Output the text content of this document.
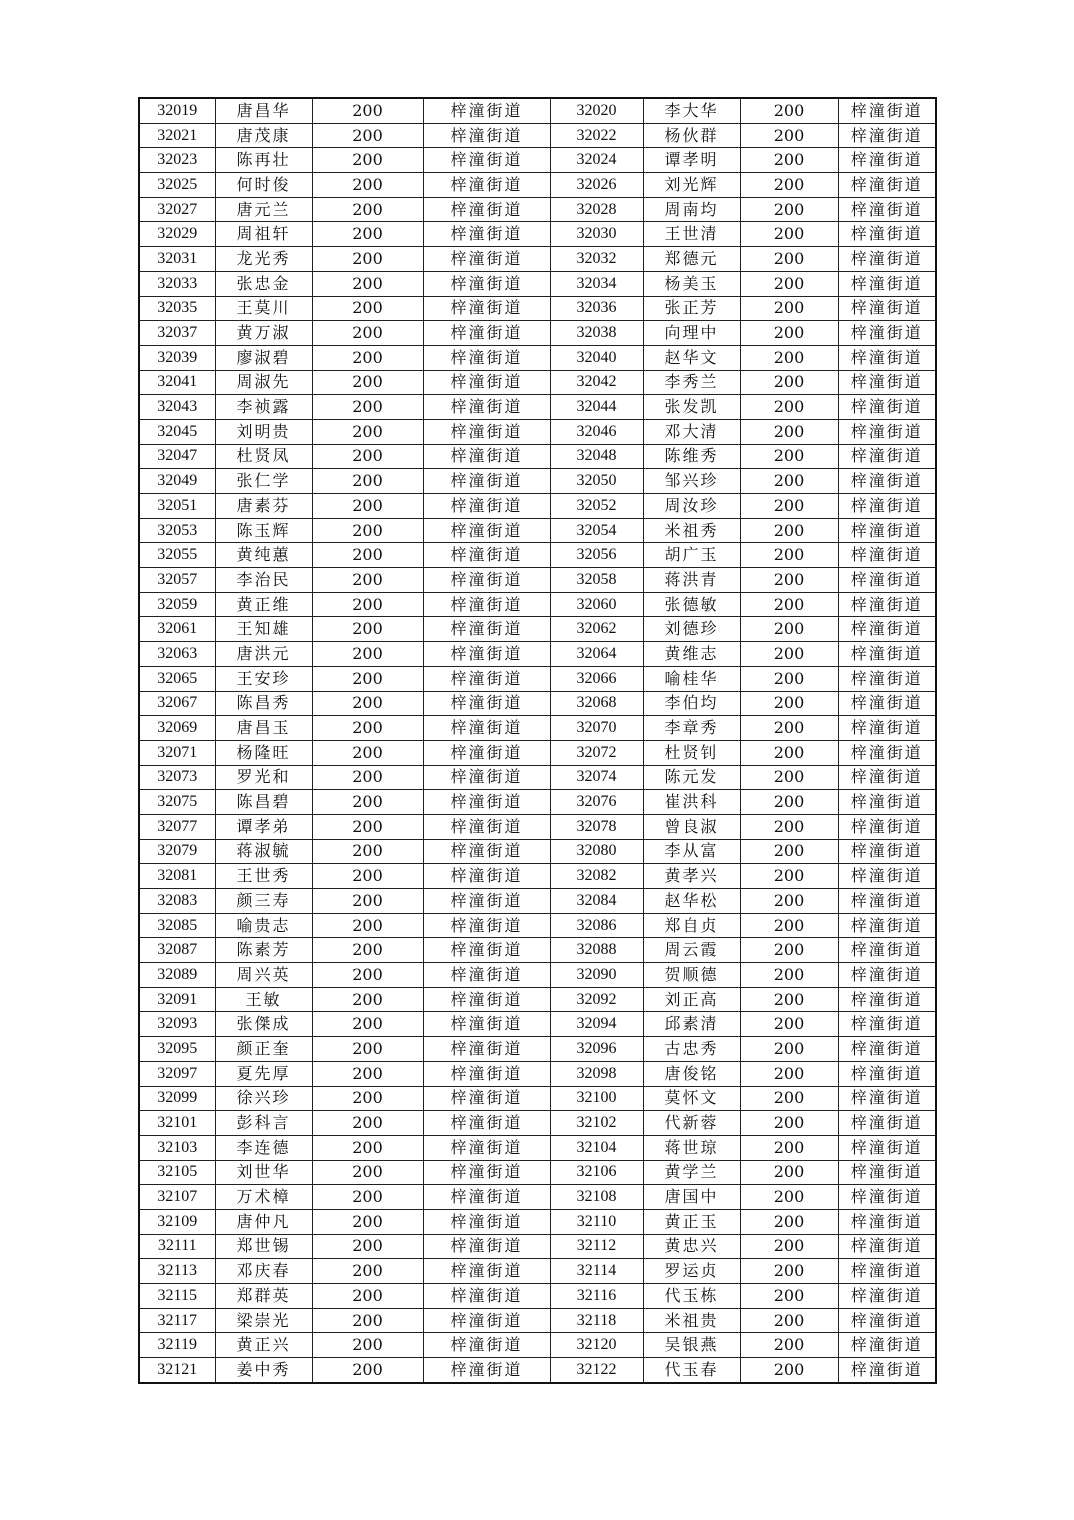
32019	唐昌华	200	梓潼街道	32020	李大华	200	梓潼街道
32021	唐茂康	200	梓潼街道	32022	杨伙群	200	梓潼街道
32023	陈再壮	200	梓潼街道	32024	谭孝明	200	梓潼街道
32025	何时俊	200	梓潼街道	32026	刘光辉	200	梓潼街道
32027	唐元兰	200	梓潼街道	32028	周南均	200	梓潼街道
32029	周祖轩	200	梓潼街道	32030	王世清	200	梓潼街道
32031	龙光秀	200	梓潼街道	32032	郑德元	200	梓潼街道
32033	张忠金	200	梓潼街道	32034	杨美玉	200	梓潼街道
32035	王莫川	200	梓潼街道	32036	张正芳	200	梓潼街道
32037	黄万淑	200	梓潼街道	32038	向理中	200	梓潼街道
32039	廖淑碧	200	梓潼街道	32040	赵华文	200	梓潼街道
32041	周淑先	200	梓潼街道	32042	李秀兰	200	梓潼街道
32043	李祯露	200	梓潼街道	32044	张发凯	200	梓潼街道
32045	刘明贵	200	梓潼街道	32046	邓大清	200	梓潼街道
32047	杜贤凤	200	梓潼街道	32048	陈维秀	200	梓潼街道
32049	张仁学	200	梓潼街道	32050	邹兴珍	200	梓潼街道
32051	唐素芬	200	梓潼街道	32052	周汝珍	200	梓潼街道
32053	陈玉辉	200	梓潼街道	32054	米祖秀	200	梓潼街道
32055	黄纯蕙	200	梓潼街道	32056	胡广玉	200	梓潼街道
32057	李治民	200	梓潼街道	32058	蒋洪青	200	梓潼街道
32059	黄正维	200	梓潼街道	32060	张德敏	200	梓潼街道
32061	王知雄	200	梓潼街道	32062	刘德珍	200	梓潼街道
32063	唐洪元	200	梓潼街道	32064	黄维志	200	梓潼街道
32065	王安珍	200	梓潼街道	32066	喻桂华	200	梓潼街道
32067	陈昌秀	200	梓潼街道	32068	李伯均	200	梓潼街道
32069	唐昌玉	200	梓潼街道	32070	李章秀	200	梓潼街道
32071	杨隆旺	200	梓潼街道	32072	杜贤钊	200	梓潼街道
32073	罗光和	200	梓潼街道	32074	陈元发	200	梓潼街道
32075	陈昌碧	200	梓潼街道	32076	崔洪科	200	梓潼街道
32077	谭孝弟	200	梓潼街道	32078	曾良淑	200	梓潼街道
32079	蒋淑毓	200	梓潼街道	32080	李从富	200	梓潼街道
32081	王世秀	200	梓潼街道	32082	黄孝兴	200	梓潼街道
32083	颜三寿	200	梓潼街道	32084	赵华松	200	梓潼街道
32085	喻贵志	200	梓潼街道	32086	郑自贞	200	梓潼街道
32087	陈素芳	200	梓潼街道	32088	周云霞	200	梓潼街道
32089	周兴英	200	梓潼街道	32090	贺顺德	200	梓潼街道
32091	王敏	200	梓潼街道	32092	刘正高	200	梓潼街道
32093	张傑成	200	梓潼街道	32094	邱素清	200	梓潼街道
32095	颜正奎	200	梓潼街道	32096	古忠秀	200	梓潼街道
32097	夏先厚	200	梓潼街道	32098	唐俊铭	200	梓潼街道
32099	徐兴珍	200	梓潼街道	32100	莫怀文	200	梓潼街道
32101	彭科言	200	梓潼街道	32102	代新蓉	200	梓潼街道
32103	李连德	200	梓潼街道	32104	蒋世琼	200	梓潼街道
32105	刘世华	200	梓潼街道	32106	黄学兰	200	梓潼街道
32107	万术樟	200	梓潼街道	32108	唐国中	200	梓潼街道
32109	唐仲凡	200	梓潼街道	32110	黄正玉	200	梓潼街道
32111	郑世锡	200	梓潼街道	32112	黄忠兴	200	梓潼街道
32113	邓庆春	200	梓潼街道	32114	罗运贞	200	梓潼街道
32115	郑群英	200	梓潼街道	32116	代玉栋	200	梓潼街道
32117	梁崇光	200	梓潼街道	32118	米祖贵	200	梓潼街道
32119	黄正兴	200	梓潼街道	32120	吴银燕	200	梓潼街道
32121	姜中秀	200	梓潼街道	32122	代玉春	200	梓潼街道
